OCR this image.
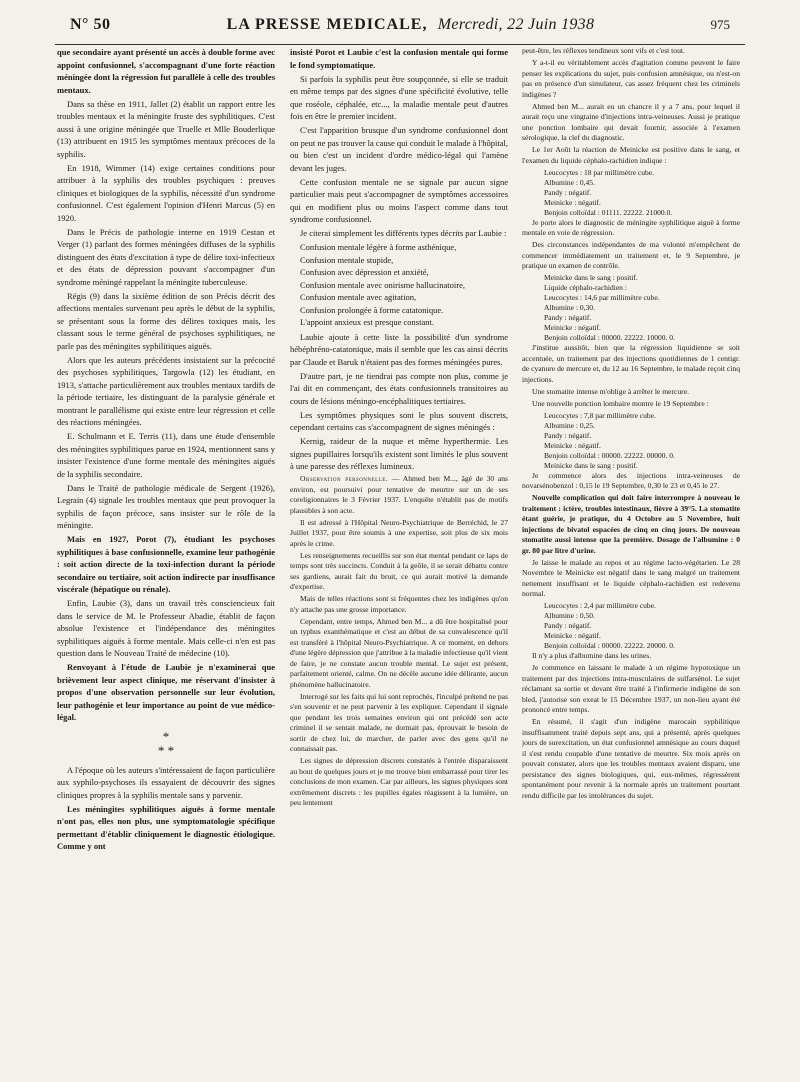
N° 50	LA PRESSE MEDICALE, Mercredi, 22 Juin 1938	975

que secondaire ayant présenté un accès à double forme avec appoint confusionnel, s'accompagnant d'une forte réaction méningée dont la régression fut parallèle à celle des troubles mentaux.

Dans sa thèse en 1911, Jallet (2) établit un rapport entre les troubles mentaux et la méningite fruste des syphilitiques. C'est aussi à une origine méningée que Truelle et Mlle Bouderlique (13) attribuent en 1915 les symptômes mentaux précoces de la syphilis.

En 1918, Wimmer (14) exige certaines conditions pour attribuer à la syphilis des troubles psychiques : preuves cliniques et biologiques de la syphilis, nécessité d'un syndrome confusionnel. C'est également l'opinion d'Henri Marcus (5) en 1920.

Dans le Précis de pathologie interne en 1919 Cestan et Verger (1) parlant des formes méningées diffuses de la syphilis distinguent des états d'excitation à type de délire toxi-infectieux et des états de dépression pouvant s'accompagner d'un syndrome méningé rappelant la méningite tuberculeuse.

Régis (9) dans la sixième édition de son Précis décrit des affections mentales survenant peu après le début de la syphilis, se présentant sous la forme des délires toxiques mais, les classant sous le terme général de psychoses syphilitiques, ne parle pas des méningites syphilitiques aiguës.

Alors que les auteurs précédents insistaient sur la précocité des psychoses syphilitiques, Targowla (12) les étudiant, en 1913, s'attache particulièrement aux troubles mentaux tardifs de la période tertiaire, les distinguant de la paralysie générale et montrant le parallélisme qui existe entre leur régression et celle des réactions méningées.

E. Schulmann et E. Terris (11), dans une étude d'ensemble des méningites syphilitiques parue en 1924, mentionnent sans y insister l'existence d'une forme mentale des méningites aiguës de la syphilis secondaire.

Dans le Traité de pathologie médicale de Sergent (1926), Legrain (4) signale les troubles mentaux que peut provoquer la syphilis de façon précoce, sans insister sur le rôle de la méningite.

Mais en 1927, Porot (7), étudiant les psychoses syphilitiques à base confusionnelle, examine leur pathogénie : soit action directe de la toxi-infection durant la période secondaire ou tertiaire, soit action indirecte par insuffisance viscérale (hépatique ou rénale).

Enfin, Laubie (3), dans un travail très consciencieux fait dans le service de M. le Professeur Abadie, établit de façon absolue l'existence et l'indépendance des méningites syphilitiques aiguës à forme mentale. Mais celle-ci n'en est pas question dans le Nouveau Traité de médecine (10).

Renvoyant à l'étude de Laubie je n'examinerai que brièvement leur aspect clinique, me réservant d'insister à propos d'une observation personnelle sur leur évolution, leur pathogénie et leur importance au point de vue médico-légal.

*
* *

A l'époque où les auteurs s'intéressaient de façon particulière aux syphilo-psychoses ils essayaient de découvrir des signes cliniques propres à la syphilis mentale sans y parvenir.

Les méningites syphilitiques aiguës à forme mentale n'ont pas, elles non plus, une symptomatologie spécifique permettant d'établir cliniquement le diagnostic étiologique. Comme y ont

insisté Porot et Laubie c'est la confusion mentale qui forme le fond symptomatique.

Si parfois la syphilis peut être soupçonnée, si elle se traduit en même temps par des signes d'une spécificité évolutive, telle que roséole, céphalée, etc..., la maladie mentale peut d'autres fois en être le premier incident.

C'est l'apparition brusque d'un syndrome confusionnel dont on peut ne pas trouver la cause qui conduit le malade à l'hôpital, ou bien c'est un incident d'ordre médico-légal qui l'amène devant les juges.

Cette confusion mentale ne se signale par aucun signe particulier mais peut s'accompagner de symptômes accessoires qui en modifient plus ou moins l'aspect comme dans tout syndrome confusionnel.

Je citerai simplement les différents types décrits par Laubie :

Confusion mentale légère à forme asthénique,
Confusion mentale stupide,
Confusion avec dépression et anxiété,
Confusion mentale avec onirisme hallucinatoire,
Confusion mentale avec agitation,
Confusion prolongée à forme catatonique.
L'appoint anxieux est presque constant.

Laubie ajoute à cette liste la possibilité d'un syndrome hébéphréno-catatonique, mais il semble que les cas ainsi décrits par Claude et Baruk n'étaient pas des formes méningées pures.

D'autre part, je ne tiendrai pas compte non plus, comme je l'ai dit en commençant, des états confusionnels transitoires au cours de lésions méningo-encéphalitiques tertiaires.

Les symptômes physiques sont le plus souvent discrets, cependant certains cas s'accompagnent de signes méningés :

Kernig, raideur de la nuque et même hyperthermie. Les signes pupillaires lorsqu'ils existent sont limités le plus souvent à une paresse des réflexes lumineux.

Observation personnelle. — Ahmed ben M..., âgé de 30 ans environ, est poursuivi pour tentative de meurtre sur un de ses coreligionnaires le 3 Février 1937. L'enquête n'établit pas de motifs plausibles à son acte.

Il est adressé à l'Hôpital Neuro-Psychiatrique de Berréchid, le 27 Juillet 1937, pour être soumis à une expertise, soit plus de six mois après le crime.

Les renseignements recueillis sur son état mental pendant ce laps de temps sont très succincts. Conduit à la geôle, il se serait débattu contre ses gardiens, aurait fait du bruit, ce qui aurait motivé la demande d'expertise.

Mais de telles réactions sont si fréquentes chez les indigènes qu'on n'y attache pas une grosse importance.

Cependant, entre temps, Ahmed ben M... a dû être hospitalisé pour un typhus exanthématique et c'est au début de sa convalescence qu'il est transféré à l'hôpital Neuro-Psychiatrique. A ce moment, en dehors d'une légère dépression que j'attribue à la maladie infectieuse qu'il vient de faire, je ne constate aucun trouble mental. Le sujet est présent, parfaitement orienté, calme. On ne décèle aucune idée délirante, aucun phénomène hallucinatoire.

Interrogé sur les faits qui lui sont reprochés, l'inculpé prétend ne pas s'en souvenir et ne peut parvenir à les expliquer. Cependant il signale que pendant les trois semaines environ qui ont précédé son acte criminel il se sentait malade, ne dormait pas, éprouvait le besoin de sortir de chez lui, de marcher, de parler avec des gens qu'il ne connaissait pas.

Les signes de dépression discrets constatés à l'entrée disparaissent au bout de quelques jours et je me trouve bien embarrassé pour tirer les conclusions de mon examen. Car par ailleurs, les signes physiques sont extrêmement discrets : les pupilles égales réagissent à la lumière, un peu lentement

peut-être, les réflexes tendineux sont vifs et c'est tout.

Y a-t-il eu véritablement accès d'agitation comme peuvent le faire penser les explications du sujet, puis confusion amnésique, ou n'est-on pas en présence d'un simulateur, cas assez fréquent chez les criminels indigènes ?

Ahmed ben M... aurait eu un chancre il y a 7 ans, pour lequel il aurait reçu une vingtaine d'injections intra-veineuses. Aussi je pratique une ponction lombaire qui devait fournir, associée à l'examen sérologique, la clef du diagnostic.

Le 1er Août la réaction de Meinicke est positive dans le sang, et l'examen du liquide céphalo-rachidien indique :

Leucocytes : 18 par millimètre cube.
Albumine : 0,45.
Pandy : négatif.
Meinicke : négatif.
Benjoin colloïdal : 01111. 22222. 21000.0.

Je porte alors le diagnostic de méningite syphilitique aiguë à forme mentale en voie de régression.

Des circonstances indépendantes de ma volonté m'empêchent de commencer immédiatement un traitement et, le 9 Septembre, je pratique un examen de contrôle.

Meinicke dans le sang : positif.
Liquide céphalo-rachidien :
Leucocytes : 14,6 par millimètre cube.
Albumine : 0,30.
Pandy : négatif.
Meinicke : négatif.
Benjoin colloïdal : 00000. 22222. 10000. 0.

J'institue aussitôt, bien que la régression liquidienne se soit accentuée, un traitement par des injections quotidiennes de 1 centigr. de cyanure de mercure et, du 12 au 16 Septembre, le malade reçoit cinq injections.

Une stomatite intense m'oblige à arrêter le mercure.

Une nouvelle ponction lombaire montre le 19 Septembre :

Leucocytes : 7,8 par millimètre cube.
Albumine : 0,25.
Pandy : négatif.
Meinicke : négatif.
Benjoin colloïdal : 00000. 22222. 00000. 0.
Meinicke dans le sang : positif.

Je commence alors des injections intra-veineuses de novarsénobenzol : 0,15 le 19 Septembre, 0,30 le 23 et 0,45 le 27.

Nouvelle complication qui doit faire interrompre à nouveau le traitement : ictère, troubles intestinaux, fièvre à 39°5. La stomatite étant guérie, je pratique, du 4 Octobre au 5 Novembre, huit injections de bivatol espacées de cinq en cinq jours. De nouveau stomatite aussi intense que la première. Dosage de l'albumine : 0 gr. 80 par litre d'urine.

Je laisse le malade au repos et au régime lacto-végétarien. Le 28 Novembre le Meinicke est négatif dans le sang malgré un traitement nettement insuffisant et le liquide céphalo-rachidien est redevenu normal.

Leucocytes : 2,4 par millimètre cube.
Albumine : 0,50.
Pandy : négatif.
Meinicke : négatif.
Benjoin colloïdal : 00000. 22222. 20000. 0.

Il n'y a plus d'albumine dans les urines.

Je commence en laissant le malade à un régime hypotoxique un traitement par des injections intra-musculaires de sulfarsénol. Le sujet réclamant sa sortie et devant être traité à l'infirmerie indigène de son bled, j'autorise son exeat le 15 Décembre 1937, un non-lieu ayant été prononcé entre temps.

En résumé, il s'agit d'un indigène marocain syphilitique insuffisamment traité depuis sept ans, qui a présenté, après quelques jours de surexcitation, un état confusionnel amnésique au cours duquel il s'est rendu coupable d'une tentative de meurtre. Six mois après on pouvait constater, alors que les troubles mentaux avaient disparu, une persistance des signes biologiques, qui, eux-mêmes, régressèrent spontanément pour revenir à la normale après un traitement pourtant rendu difficile par les intolérances du sujet.
